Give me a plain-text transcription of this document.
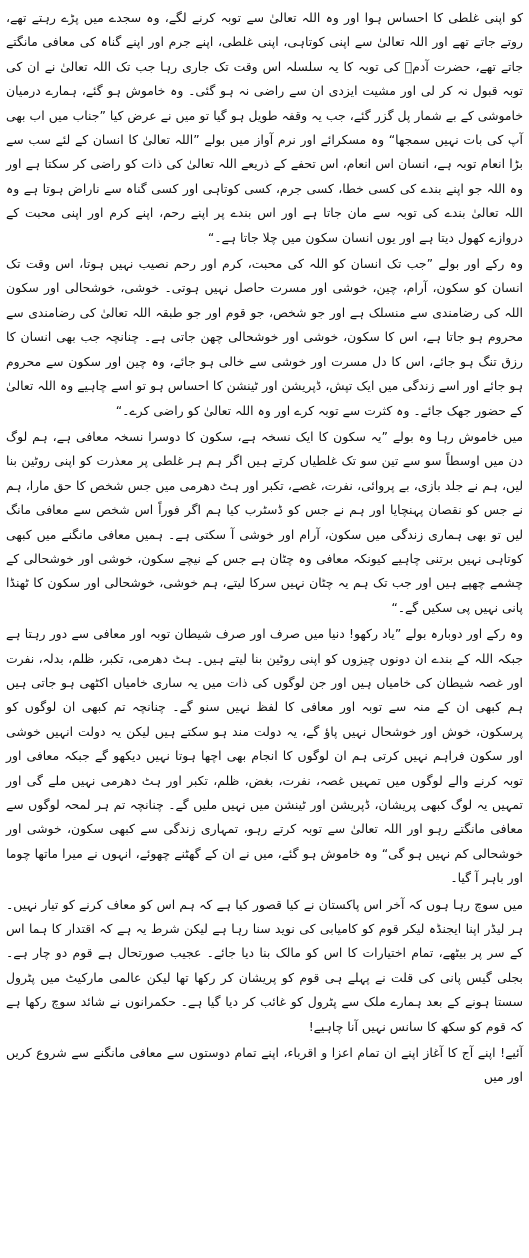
کو اپنی غلطی کا احساس ہوا اور وہ اللہ تعالیٰ سے توبہ کرنے لگے، وہ سجدے میں پڑے رہتے تھے، روتے جاتے تھے اور اللہ تعالیٰ سے اپنی کوتاہی، اپنی غلطی، اپنے جرم اور اپنے گناہ کی معافی مانگتے جاتے تھے، حضرت آدمؑ کی توبہ کا یہ سلسلہ اس وقت تک جاری رہا جب تک اللہ تعالیٰ نے ان کی توبہ قبول نہ کر لی اور مشیت ایزدی ان سے راضی نہ ہو گئی۔ وہ خاموش ہو گئے، ہمارے درمیان خاموشی کے بے شمار پل گزر گئے، جب یہ وقفہ طویل ہو گیا تو میں نے عرض کیا ”جناب میں اب بھی آپ کی بات نہیں سمجھا“ وہ مسکرائے اور نرم آواز میں بولے ”اللہ تعالیٰ کا انسان کے لئے سب سے بڑا انعام توبہ ہے، انسان اس انعام، اس تحفے کے ذریعے اللہ تعالیٰ کی ذات کو راضی کر سکتا ہے اور وہ اللہ جو اپنے بندے کی کسی خطا، کسی جرم، کسی کوتاہی اور کسی گناہ سے ناراض ہوتا ہے وہ اللہ تعالیٰ بندے کی توبہ سے مان جاتا ہے اور اس بندے پر اپنے رحم، اپنے کرم اور اپنی محبت کے دروازے کھول دیتا ہے اور یوں انسان سکون میں چلا جاتا ہے۔“

وہ رکے اور بولے ”جب تک انسان کو اللہ کی محبت، کرم اور رحم نصیب نہیں ہوتا، اس وقت تک انسان کو سکون، آرام، چین، خوشی اور مسرت حاصل نہیں ہوتی۔ خوشی، خوشحالی اور سکون اللہ کی رضامندی سے منسلک ہے اور جو شخص، جو قوم اور جو طبقہ اللہ تعالیٰ کی رضامندی سے محروم ہو جاتا ہے، اس کا سکون، خوشی اور خوشحالی چھن جاتی ہے۔ چنانچہ جب بھی انسان کا رزق تنگ ہو جائے، اس کا دل مسرت اور خوشی سے خالی ہو جائے، وہ چین اور سکون سے محروم ہو جائے اور اسے زندگی میں ایک تپش، ڈپریشن اور ٹینشن کا احساس ہو تو اسے چاہیے وہ اللہ تعالیٰ کے حضور جھک جائے۔ وہ کثرت سے توبہ کرے اور وہ اللہ تعالیٰ کو راضی کرے۔“

میں خاموش رہا وہ بولے ”یہ سکون کا ایک نسخہ ہے، سکون کا دوسرا نسخہ معافی ہے، ہم لوگ دن میں اوسطاً سو سے تین سو تک غلطیاں کرتے ہیں اگر ہم ہر غلطی پر معذرت کو اپنی روٹین بنا لیں، ہم نے جلد بازی، بے پروائی، نفرت، غصے، تکبر اور ہٹ دھرمی میں جس شخص کا حق مارا، ہم نے جس کو نقصان پہنچایا اور ہم نے جس کو ڈسٹرب کیا ہم اگر فوراً اس شخص سے معافی مانگ لیں تو بھی ہماری زندگی میں سکون، آرام اور خوشی آ سکتی ہے۔ ہمیں معافی مانگنے میں کبھی کوتاہی نہیں برتنی چاہیے کیونکہ معافی وہ چٹان ہے جس کے نیچے سکون، خوشی اور خوشحالی کے چشمے چھپے ہیں اور جب تک ہم یہ چٹان نہیں سرکا لیتے، ہم خوشی، خوشحالی اور سکون کا ٹھنڈا پانی نہیں پی سکیں گے۔“

وہ رکے اور دوبارہ بولے ”یاد رکھو! دنیا میں صرف اور صرف شیطان توبہ اور معافی سے دور رہتا ہے جبکہ اللہ کے بندے ان دونوں چیزوں کو اپنی روٹین بنا لیتے ہیں۔ ہٹ دھرمی، تکبر، ظلم، بدلہ، نفرت اور غصہ شیطان کی خامیاں ہیں اور جن لوگوں کی ذات میں یہ ساری خامیاں اکٹھی ہو جاتی ہیں ہم کبھی ان کے منہ سے توبہ اور معافی کا لفظ نہیں سنو گے۔ چنانچہ تم کبھی ان لوگوں کو پرسکون، خوش اور خوشحال نہیں پاؤ گے، یہ دولت مند ہو سکتے ہیں لیکن یہ دولت انہیں خوشی اور سکون فراہم نہیں کرتی ہم ان لوگوں کا انجام بھی اچھا ہوتا نہیں دیکھو گے جبکہ معافی اور توبہ کرنے والے لوگوں میں تمہیں غصہ، نفرت، بغض، ظلم، تکبر اور ہٹ دھرمی نہیں ملے گی اور تمہیں یہ لوگ کبھی پریشان، ڈپریشن اور ٹینشن میں نہیں ملیں گے۔ چنانچہ تم ہر لمحہ لوگوں سے معافی مانگتے رہو اور اللہ تعالیٰ سے توبہ کرتے رہو، تمہاری زندگی سے کبھی سکون، خوشی اور خوشحالی کم نہیں ہو گی“ وہ خاموش ہو گئے، میں نے ان کے گھٹنے چھوئے، انہوں نے میرا ماتھا چوما اور باہر آ گیا۔

میں سوچ رہا ہوں کہ آخر اس پاکستان نے کیا قصور کیا ہے کہ ہم اس کو معاف کرنے کو تیار نہیں۔ ہر لیڈر اپنا ایجنڈہ لیکر قوم کو کامیابی کی نوید سنا رہا ہے لیکن شرط یہ ہے کہ اقتدار کا ہما اس کے سر پر بیٹھے، تمام اختیارات کا اس کو مالک بنا دیا جائے۔ عجیب صورتحال ہے قوم دو چار ہے۔ بجلی گیس پانی کی قلت نے پہلے ہی قوم کو پریشان کر رکھا تھا لیکن عالمی مارکیٹ میں پٹرول سستا ہونے کے بعد ہمارے ملک سے پٹرول کو غائب کر دیا گیا ہے۔ حکمرانوں نے شائد سوچ رکھا ہے کہ قوم کو سکھ کا سانس نہیں آنا چاہیے!

آئیے! اپنے آج کا آغاز اپنے ان تمام اعزا و اقرباء، اپنے تمام دوستوں سے معافی مانگنے سے شروع کریں اور میں
